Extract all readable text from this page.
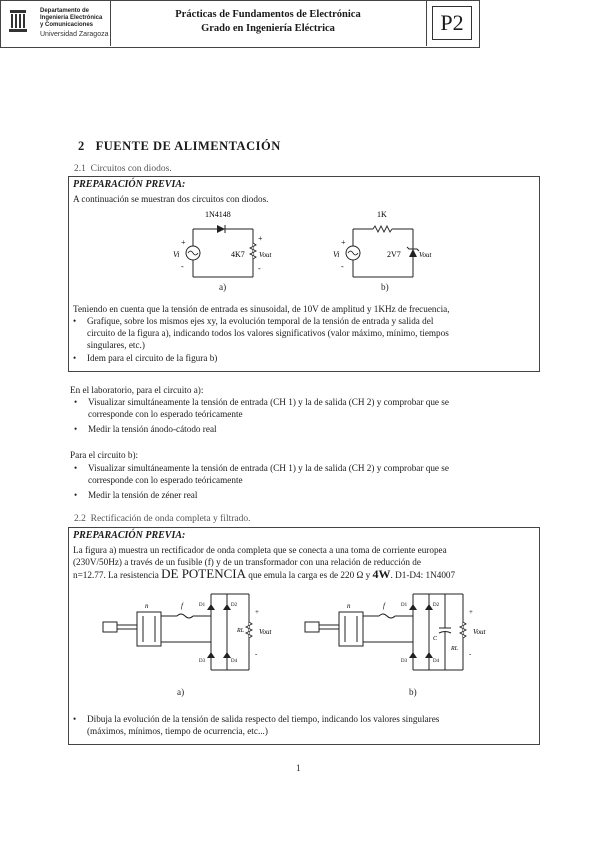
Departamento de
Ingeniería Electrónica
y Comunicaciones
Universidad Zaragoza
Prácticas de Fundamentos de Electrónica
Grado en Ingeniería Eléctrica	P2
2 FUENTE DE ALIMENTACIÓN
2.1 Circuitos con diodos.
PREPARACIÓN PREVIA:
A continuación se muestran dos circuitos con diodos.
1N4148
4K7
Vi	Vout
+
-
+
-
a)
1K
2V7
Vi	Vout
+
-
b)
Teniendo en cuenta que la tensión de entrada es sinusoidal, de 10V de amplitud y 1KHz de frecuencia,
• Grafique, sobre los mismos ejes xy, la evolución temporal de la tensión de entrada y salida del
circuito de la figura a), indicando todos los valores significativos (valor máximo, mínimo, tiempos
singulares, etc.)
• Idem para el circuito de la figura b)
En el laboratorio, para el circuito a):
• Visualizar simultáneamente la tensión de entrada (CH 1) y la de salida (CH 2) y comprobar que se
corresponde con lo esperado teóricamente
• Medir la tensión ánodo-cátodo real
Para el circuito b):
• Visualizar simultáneamente la tensión de entrada (CH 1) y la de salida (CH 2) y comprobar que se
corresponde con lo esperado teóricamente
• Medir la tensión de zéner real
2.2 Rectificación de onda completa y filtrado.
PREPARACIÓN PREVIA:
La figura a) muestra un rectificador de onda completa que se conecta a una toma de corriente europea
(230V/50Hz) a través de un fusible (f) y de un transformador con una relación de reducción de
n=12.77. La resistencia DE POTENCIA que emula la carga es de 220 Ω y 4W. D1-D4: 1N4007
n	f	D1	D2
D3	D4
RL Vout
+
-
a)
n	f	D1	D2
D3	D4
C
RL
Vout
+
-
b)
• Dibuja la evolución de la tensión de salida respecto del tiempo, indicando los valores singulares
(máximos, mínimos, tiempo de ocurrencia, etc...)
1
